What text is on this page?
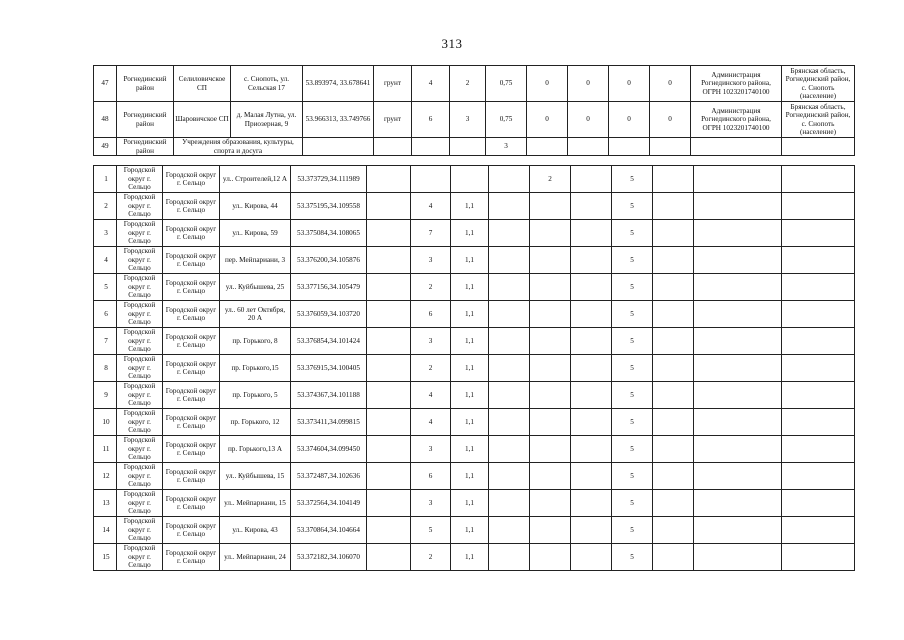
313
47	Рогнединский район	Селиловичское СП	с. Снопоть, ул. Сельская 17	53.893974, 33.678641	грунт	4	2	0,75	0	0	0	0	Администрация Рогнединского района, ОГРН 1023201740100	Брянская область, Рогнединский район, с. Снопоть (население)
48	Рогнединский район	Шаровичское СП	д. Малая Лутна, ул. Приозерная, 9	53.966313, 33.749766	грунт	6	3	0,75	0	0	0	0	Администрация Рогнединского района, ОГРН 1023201740100	Брянская область, Рогнединский район, с. Снопоть (население)
49	Рогнединский район	Учреждения образования, культуры, спорта и досуга						3						
1	Городской округ г. Сельцо	Городской округ г. Сельцо	ул.. Строителей,12 А	53.373729,34.111989					2		5			
2	Городской округ г. Сельцо	Городской округ г. Сельцо	ул.. Кирова, 44	53.375195,34.109558		4	1,1				5			
3	Городской округ г. Сельцо	Городской округ г. Сельцо	ул.. Кирова, 59	53.375084,34.108065		7	1,1				5			
4	Городской округ г. Сельцо	Городской округ г. Сельцо	пер. Мейпариани, 3	53.376200,34.105876		3	1,1				5			
5	Городской округ г. Сельцо	Городской округ г. Сельцо	ул.. Куйбышева, 25	53.377156,34.105479		2	1,1				5			
6	Городской округ г. Сельцо	Городской округ г. Сельцо	ул.. 60 лет Октября, 20 А	53.376059,34.103720		6	1,1				5			
7	Городской округ г. Сельцо	Городской округ г. Сельцо	пр. Горького, 8	53.376854,34.101424		3	1,1				5			
8	Городской округ г. Сельцо	Городской округ г. Сельцо	пр. Горького,15	53.376915,34.100405		2	1,1				5			
9	Городской округ г. Сельцо	Городской округ г. Сельцо	пр. Горького, 5	53.374367,34.101188		4	1,1				5			
10	Городской округ г. Сельцо	Городской округ г. Сельцо	пр. Горького, 12	53.373411,34.099815		4	1,1				5			
11	Городской округ г. Сельцо	Городской округ г. Сельцо	пр. Горького,13 А	53.374604,34.099450		3	1,1				5			
12	Городской округ г. Сельцо	Городской округ г. Сельцо	ул.. Куйбышева, 15	53.372487,34.102636		6	1,1				5			
13	Городской округ г. Сельцо	Городской округ г. Сельцо	ул.. Мейпариани, 15	53.372564,34.104149		3	1,1				5			
14	Городской округ г. Сельцо	Городской округ г. Сельцо	ул.. Кирова, 43	53.370864,34.104664		5	1,1				5			
15	Городской округ г. Сельцо	Городской округ г. Сельцо	ул.. Мейпариани, 24	53.372182,34.106070		2	1,1				5			
